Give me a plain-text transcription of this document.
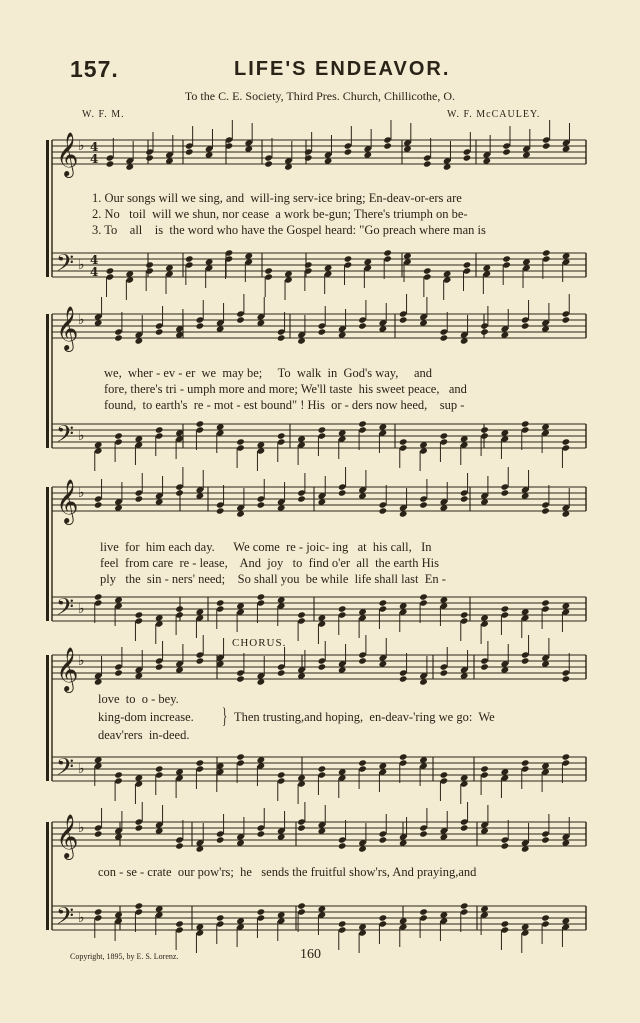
157.	LIFE'S ENDEAVOR.
To the C. E. Society, Third Pres. Church, Chillicothe, O.
W. F. M.	W. F. McCAULEY.
𝄞
𝄢
♭
♭
4
4
4
4
𝄞
𝄢
♭
♭
𝄞
𝄢
♭
♭
𝄞
𝄢
♭
♭
𝄞
𝄢
♭
♭
1. Our songs will we sing, and  will-ing serv-ice bring; En-deav-or-ers are
2. No   toil  will we shun, nor cease  a work be-gun; There's triumph on be-
3. To    all    is  the word who have the Gospel heard: "Go preach where man is
we,  wher - ev - er  we  may be;     To  walk  in  God's way,     and
fore, there's tri - umph more and more; We'll taste  his sweet peace,   and
found,  to earth's  re - mot - est bound" ! His  or - ders now heed,    sup -
live  for  him each day.      We come  re - joic- ing   at  his call,   In
feel  from care  re - lease,    And  joy   to  find o'er  all  the earth His
ply   the  sin - ners' need;    So shall you  be while  life shall last  En -
CHORUS.
love  to  o - bey.
king-dom increase.
deav'rers  in-deed.
} Then trusting,and hoping,  en-deav-'ring we go:  We
con - se - crate  our pow'rs;  he   sends the fruitful show'rs, And praying,and
Copyright, 1895, by E. S. Lorenz.	160
